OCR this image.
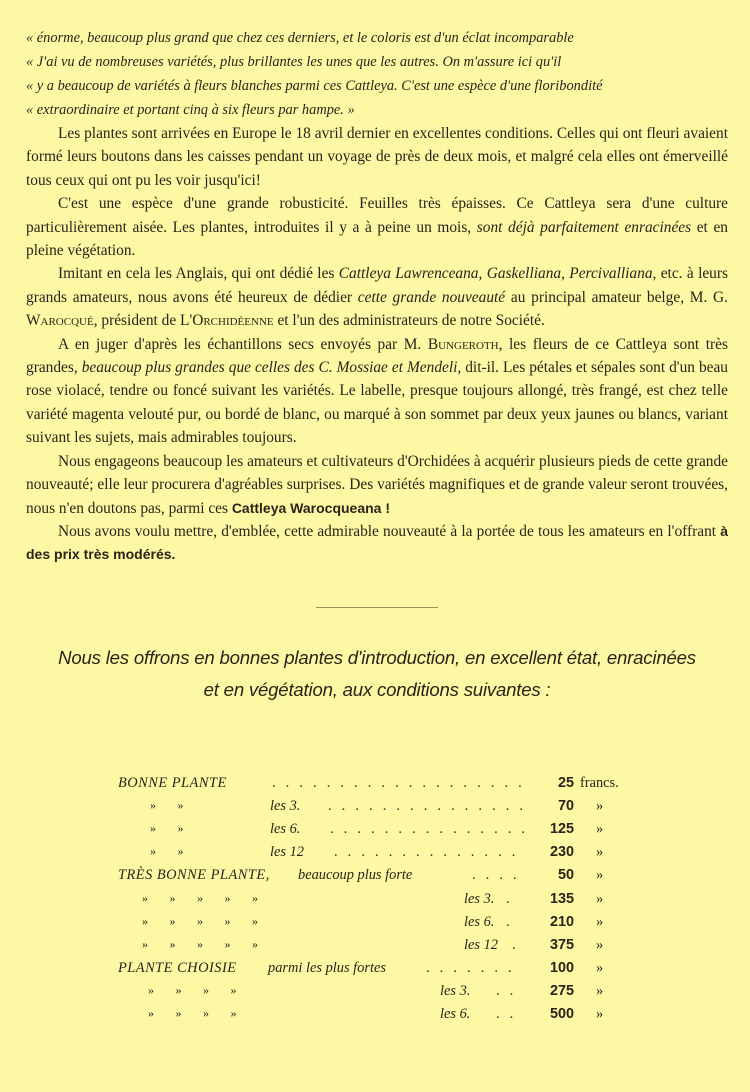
« énorme, beaucoup plus grand que chez ces derniers, et le coloris est d'un éclat incomparable

« J'ai vu de nombreuses variétés, plus brillantes les unes que les autres. On m'assure ici qu'il

« y a beaucoup de variétés à fleurs blanches parmi ces Cattleya. C'est une espèce d'une floribondité

« extraordinaire et portant cinq à six fleurs par hampe. »

Les plantes sont arrivées en Europe le 18 avril dernier en excellentes conditions. Celles qui ont fleuri avaient formé leurs boutons dans les caisses pendant un voyage de près de deux mois, et malgré cela elles ont émerveillé tous ceux qui ont pu les voir jusqu'ici!

C'est une espèce d'une grande robusticité. Feuilles très épaisses. Ce Cattleya sera d'une culture particulièrement aisée. Les plantes, introduites il y a à peine un mois, sont déjà parfaitement enracinées et en pleine végétation.

Imitant en cela les Anglais, qui ont dédié les Cattleya Lawrenceana, Gaskelliana, Percivalliana, etc. à leurs grands amateurs, nous avons été heureux de dédier cette grande nouveauté au principal amateur belge, M. G. Warocqué, président de L'Orchidéenne et l'un des administrateurs de notre Société.

A en juger d'après les échantillons secs envoyés par M. Bungeroth, les fleurs de ce Cattleya sont très grandes, beaucoup plus grandes que celles des C. Mossiae et Mendeli, dit-il. Les pétales et sépales sont d'un beau rose violacé, tendre ou foncé suivant les variétés. Le labelle, presque toujours allongé, très frangé, est chez telle variété magenta velouté pur, ou bordé de blanc, ou marqué à son sommet par deux yeux jaunes ou blancs, variant suivant les sujets, mais admirables toujours.

Nous engageons beaucoup les amateurs et cultivateurs d'Orchidées à acquérir plusieurs pieds de cette grande nouveauté; elle leur procurera d'agréables surprises. Des variétés magnifiques et de grande valeur seront trouvées, nous n'en doutons pas, parmi ces Cattleya Warocqueana !

Nous avons voulu mettre, d'emblée, cette admirable nouveauté à la portée de tous les amateurs en l'offrant à des prix très modérés.

Nous les offrons en bonnes plantes d'introduction, en excellent état, enracinées
et en végétation, aux conditions suivantes :
BONNE PLANTE	.  .  .  .  .  .  .  .  .  .  .  .  .  .  .  .  .  .  .	25 francs.
»      »	les 3. .  .  .  .  .  .  .  .  .  .  .  .  .  .  .	70 »
»      »	les 6. .  .  .  .  .  .  .  .  .  .  .  .  .  .  .	125 »
»      »	les 12 .  .  .  .  .  .  .  .  .  .  .  .  .  .	230 »
TRÈS BONNE PLANTE, beaucoup plus forte	.  .  .  .	50 »
»      »      »      »      »	les 3. .	135 »
»      »      »      »      »	les 6. .	210 »
»      »      »      »      »	les 12 .	375 »
PLANTE CHOISIE parmi les plus fortes	.  .  .  .  .  .  .	100 »
»      »      »      »	les 3. .  .	275 »
»      »      »      »	les 6. .  .	500 »
